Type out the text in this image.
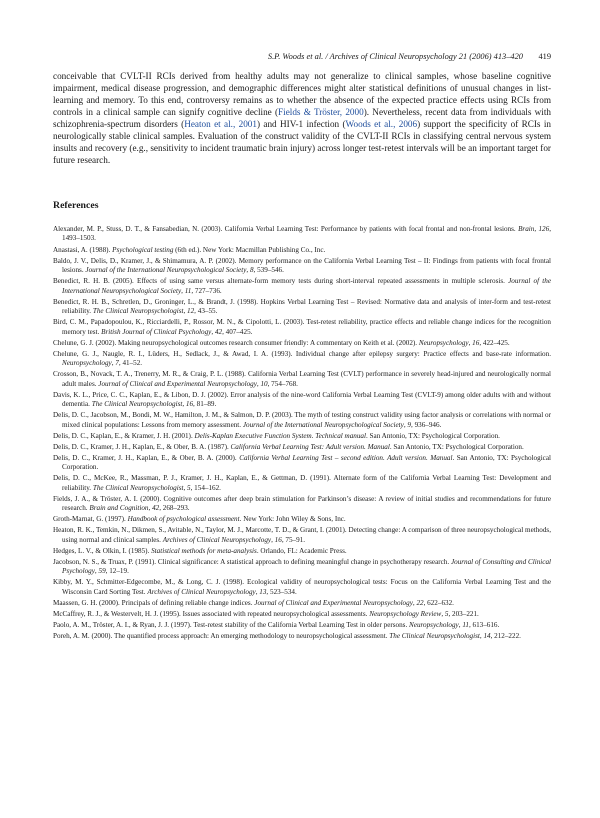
S.P. Woods et al. / Archives of Clinical Neuropsychology 21 (2006) 413–420 419

conceivable that CVLT-II RCIs derived from healthy adults may not generalize to clinical samples, whose baseline cognitive impairment, medical disease progression, and demographic differences might alter statistical definitions of unusual changes in list-learning and memory. To this end, controversy remains as to whether the absence of the expected practice effects using RCIs from controls in a clinical sample can signify cognitive decline (Fields & Tröster, 2000). Nevertheless, recent data from individuals with schizophrenia-spectrum disorders (Heaton et al., 2001) and HIV-1 infection (Woods et al., 2006) support the specificity of RCIs in neurologically stable clinical samples. Evaluation of the construct validity of the CVLT-II RCIs in classifying central nervous system insults and recovery (e.g., sensitivity to incident traumatic brain injury) across longer test-retest intervals will be an important target for future research.

References
Alexander, M. P., Stuss, D. T., & Fansabedian, N. (2003). California Verbal Learning Test: Performance by patients with focal frontal and non-frontal lesions. Brain, 126, 1493–1503.
Anastasi, A. (1988). Psychological testing (6th ed.). New York: Macmillan Publishing Co., Inc.
Baldo, J. V., Delis, D., Kramer, J., & Shimamura, A. P. (2002). Memory performance on the California Verbal Learning Test – II: Findings from patients with focal frontal lesions. Journal of the International Neuropsychological Society, 8, 539–546.
Benedict, R. H. B. (2005). Effects of using same versus alternate-form memory tests during short-interval repeated assessments in multiple sclerosis. Journal of the International Neuropsychological Society, 11, 727–736.
Benedict, R. H. B., Schretlen, D., Groninger, L., & Brandt, J. (1998). Hopkins Verbal Learning Test – Revised: Normative data and analysis of inter-form and test-retest reliability. The Clinical Neuropsychologist, 12, 43–55.
Bird, C. M., Papadopoulou, K., Ricciardelli, P., Rossor, M. N., & Cipolotti, L. (2003). Test-retest reliability, practice effects and reliable change indices for the recognition memory test. British Journal of Clinical Psychology, 42, 407–425.
Chelune, G. J. (2002). Making neuropsychological outcomes research consumer friendly: A commentary on Keith et al. (2002). Neuropsychology, 16, 422–425.
Chelune, G. J., Naugle, R. I., Lüders, H., Sedlack, J., & Awad, I. A. (1993). Individual change after epilepsy surgery: Practice effects and base-rate information. Neuropsychology, 7, 41–52.
Crosson, B., Novack, T. A., Trenerry, M. R., & Craig, P. L. (1988). California Verbal Learning Test (CVLT) performance in severely head-injured and neurologically normal adult males. Journal of Clinical and Experimental Neuropsychology, 10, 754–768.
Davis, K. L., Price, C. C., Kaplan, E., & Libon, D. J. (2002). Error analysis of the nine-word California Verbal Learning Test (CVLT-9) among older adults with and without dementia. The Clinical Neuropsychologist, 16, 81–89.
Delis, D. C., Jacobson, M., Bondi, M. W., Hamilton, J. M., & Salmon, D. P. (2003). The myth of testing construct validity using factor analysis or correlations with normal or mixed clinical populations: Lessons from memory assessment. Journal of the International Neuropsychological Society, 9, 936–946.
Delis, D. C., Kaplan, E., & Kramer, J. H. (2001). Delis-Kaplan Executive Function System. Technical manual. San Antonio, TX: Psychological Corporation.
Delis, D. C., Kramer, J. H., Kaplan, E., & Ober, B. A. (1987). California Verbal Learning Test: Adult version. Manual. San Antonio, TX: Psychological Corporation.
Delis, D. C., Kramer, J. H., Kaplan, E., & Ober, B. A. (2000). California Verbal Learning Test – second edition. Adult version. Manual. San Antonio, TX: Psychological Corporation.
Delis, D. C., McKee, R., Massman, P. J., Kramer, J. H., Kaplan, E., & Gettman, D. (1991). Alternate form of the California Verbal Learning Test: Development and reliability. The Clinical Neuropsychologist, 5, 154–162.
Fields, J. A., & Tröster, A. I. (2000). Cognitive outcomes after deep brain stimulation for Parkinson’s disease: A review of initial studies and recommendations for future research. Brain and Cognition, 42, 268–293.
Groth-Marnat, G. (1997). Handbook of psychological assessment. New York: John Wiley & Sons, Inc.
Heaton, R. K., Temkin, N., Dikmen, S., Avitable, N., Taylor, M. J., Marcotte, T. D., & Grant, I. (2001). Detecting change: A comparison of three neuropsychological methods, using normal and clinical samples. Archives of Clinical Neuropsychology, 16, 75–91.
Hedges, L. V., & Olkin, I. (1985). Statistical methods for meta-analysis. Orlando, FL: Academic Press.
Jacobson, N. S., & Truax, P. (1991). Clinical significance: A statistical approach to defining meaningful change in psychotherapy research. Journal of Consulting and Clinical Psychology, 59, 12–19.
Kibby, M. Y., Schmitter-Edgecombe, M., & Long, C. J. (1998). Ecological validity of neuropsychological tests: Focus on the California Verbal Learning Test and the Wisconsin Card Sorting Test. Archives of Clinical Neuropsychology, 13, 523–534.
Maassen, G. H. (2000). Principals of defining reliable change indices. Journal of Clinical and Experimental Neuropsychology, 22, 622–632.
McCaffrey, R. J., & Westervelt, H. J. (1995). Issues associated with repeated neuropsychological assessments. Neuropsychology Review, 5, 203–221.
Paolo, A. M., Tröster, A. I., & Ryan, J. J. (1997). Test-retest stability of the California Verbal Learning Test in older persons. Neuropsychology, 11, 613–616.
Poreh, A. M. (2000). The quantified process approach: An emerging methodology to neuropsychological assessment. The Clinical Neuropsychologist, 14, 212–222.
